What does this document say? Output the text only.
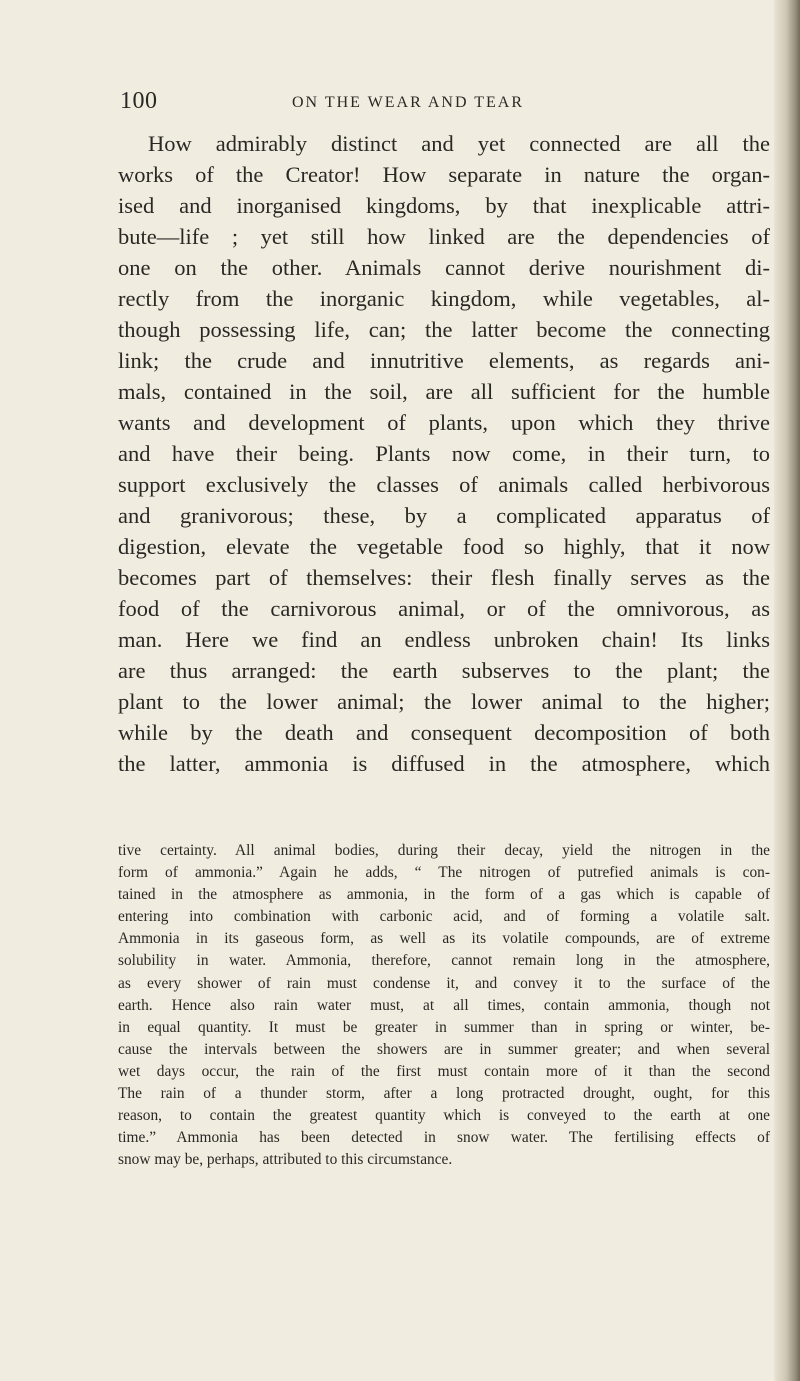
100	ON THE WEAR AND TEAR
How admirably distinct and yet connected are all the
works of the Creator! How separate in nature the organ-
ised and inorganised kingdoms, by that inexplicable attri-
bute—life ; yet still how linked are the dependencies of
one on the other. Animals cannot derive nourishment di-
rectly from the inorganic kingdom, while vegetables, al-
though possessing life, can; the latter become the connecting
link; the crude and innutritive elements, as regards ani-
mals, contained in the soil, are all sufficient for the humble
wants and development of plants, upon which they thrive
and have their being. Plants now come, in their turn, to
support exclusively the classes of animals called herbivorous
and granivorous; these, by a complicated apparatus of
digestion, elevate the vegetable food so highly, that it now
becomes part of themselves: their flesh finally serves as the
food of the carnivorous animal, or of the omnivorous, as
man. Here we find an endless unbroken chain! Its links
are thus arranged: the earth subserves to the plant; the
plant to the lower animal; the lower animal to the higher;
while by the death and consequent decomposition of both
the latter, ammonia is diffused in the atmosphere, which
tive certainty. All animal bodies, during their decay, yield the nitrogen in the
form of ammonia.” Again he adds, “ The nitrogen of putrefied animals is con-
tained in the atmosphere as ammonia, in the form of a gas which is capable of
entering into combination with carbonic acid, and of forming a volatile salt.
Ammonia in its gaseous form, as well as its volatile compounds, are of extreme
solubility in water. Ammonia, therefore, cannot remain long in the atmosphere,
as every shower of rain must condense it, and convey it to the surface of the
earth. Hence also rain water must, at all times, contain ammonia, though not
in equal quantity. It must be greater in summer than in spring or winter, be-
cause the intervals between the showers are in summer greater; and when several
wet days occur, the rain of the first must contain more of it than the second
The rain of a thunder storm, after a long protracted drought, ought, for this
reason, to contain the greatest quantity which is conveyed to the earth at one
time.” Ammonia has been detected in snow water. The fertilising effects of
snow may be, perhaps, attributed to this circumstance.
